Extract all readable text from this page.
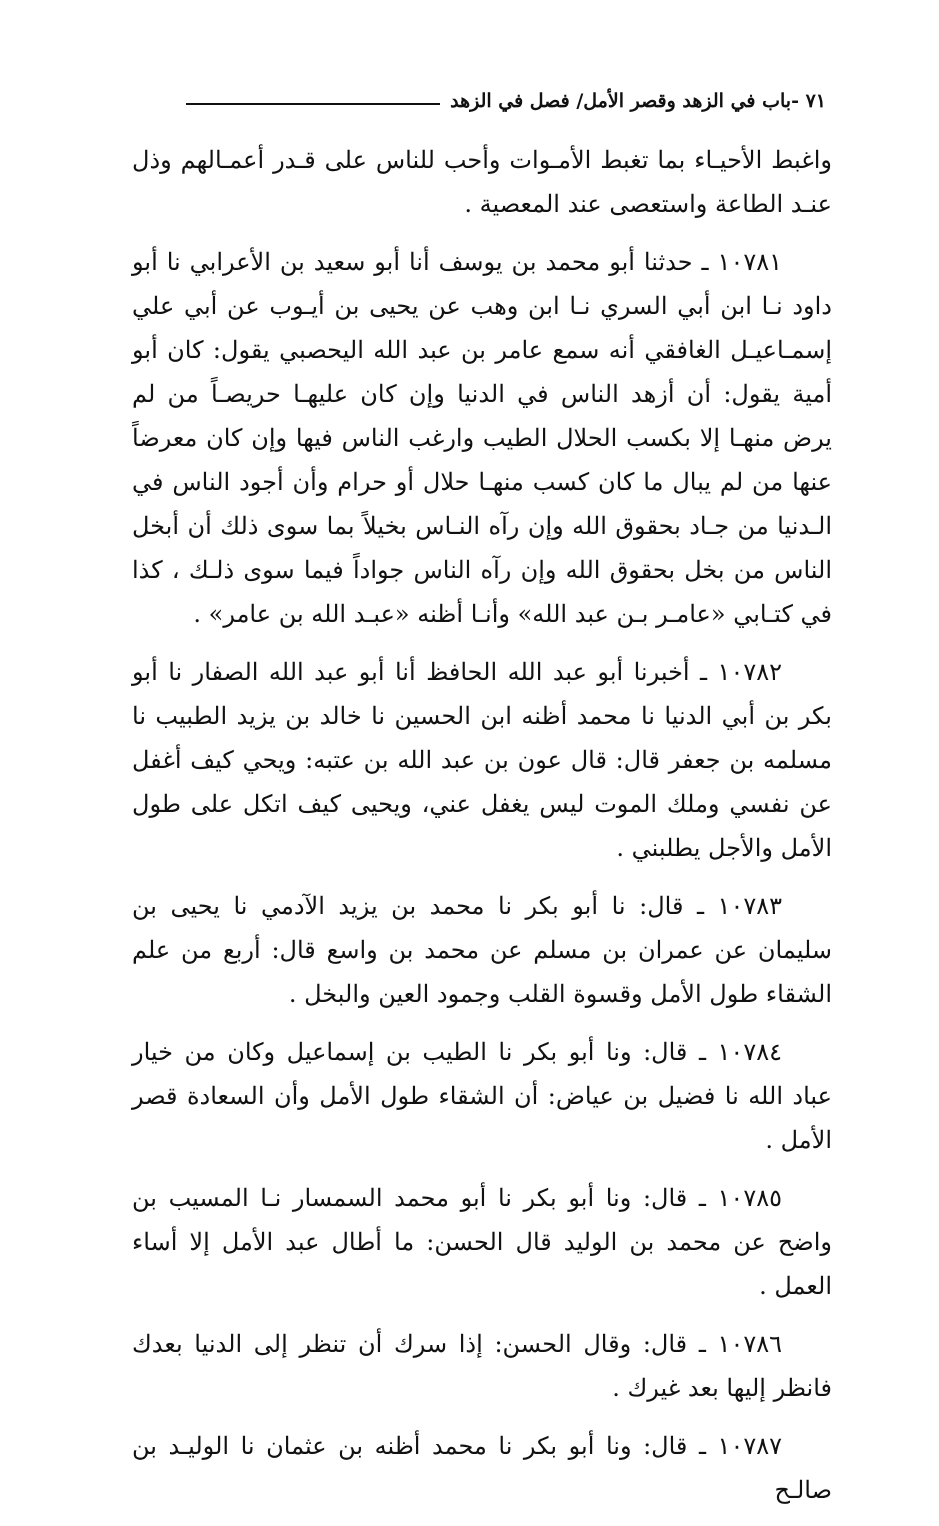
٧١ -باب في الزهد وقصر الأمل/ فصل في الزهد

واغبط الأحيـاء بما تغبط الأمـوات وأحب للناس على قـدر أعمـالهم وذل عنـد الطاعة واستعصى عند المعصية .

١٠٧٨١ ـ حدثنا أبو محمد بن يوسف أنا أبو سعيد بن الأعرابي نا أبو داود نـا ابن أبي السري نـا ابن وهب عن يحيى بن أيـوب عن أبي علي إسمـاعيـل الغافقي أنه سمع عامر بن عبد الله اليحصبي يقول: كان أبو أمية يقول: أن أزهد الناس في الدنيا وإن كان عليهـا حريصـاً من لم يرض منهـا إلا بكسب الحلال الطيب وارغب الناس فيها وإن كان معرضاً عنها من لم يبال ما كان كسب منهـا حلال أو حرام وأن أجود الناس في الـدنيا من جـاد بحقوق الله وإن رآه النـاس بخيلاً بما سوى ذلك أن أبخل الناس من بخل بحقوق الله وإن رآه الناس جواداً فيما سوى ذلـك ، كذا في كتـابي «عامـر بـن عبد الله» وأنـا أظنه «عبـد الله بن عامر» .

١٠٧٨٢ ـ أخبرنا أبو عبد الله الحافظ أنا أبو عبد الله الصفار نا أبو بكر بن أبي الدنيا نا محمد أظنه ابن الحسين نا خالد بن يزيد الطبيب نا مسلمه بن جعفر قال: قال عون بن عبد الله بن عتبه: ويحي كيف أغفل عن نفسي وملك الموت ليس يغفل عني، ويحيى كيف اتكل على طول الأمل والأجل يطلبني .

١٠٧٨٣ ـ قال: نا أبو بكر نا محمد بن يزيد الآدمي نا يحيى بن سليمان عن عمران بن مسلم عن محمد بن واسع قال: أربع من علم الشقاء طول الأمل وقسوة القلب وجمود العين والبخل .

١٠٧٨٤ ـ قال: ونا أبو بكر نا الطيب بن إسماعيل وكان من خيار عباد الله نا فضيل بن عياض: أن الشقاء طول الأمل وأن السعادة قصر الأمل .

١٠٧٨٥ ـ قال: ونا أبو بكر نا أبو محمد السمسار نـا المسيب بن واضح عن محمد بن الوليد قال الحسن: ما أطال عبد الأمل إلا أساء العمل .

١٠٧٨٦ ـ قال: وقال الحسن: إذا سرك أن تنظر إلى الدنيا بعدك فانظر إليها بعد غيرك .

١٠٧٨٧ ـ قال: ونا أبو بكر نا محمد أظنه بن عثمان نا الوليـد بن صالـح
